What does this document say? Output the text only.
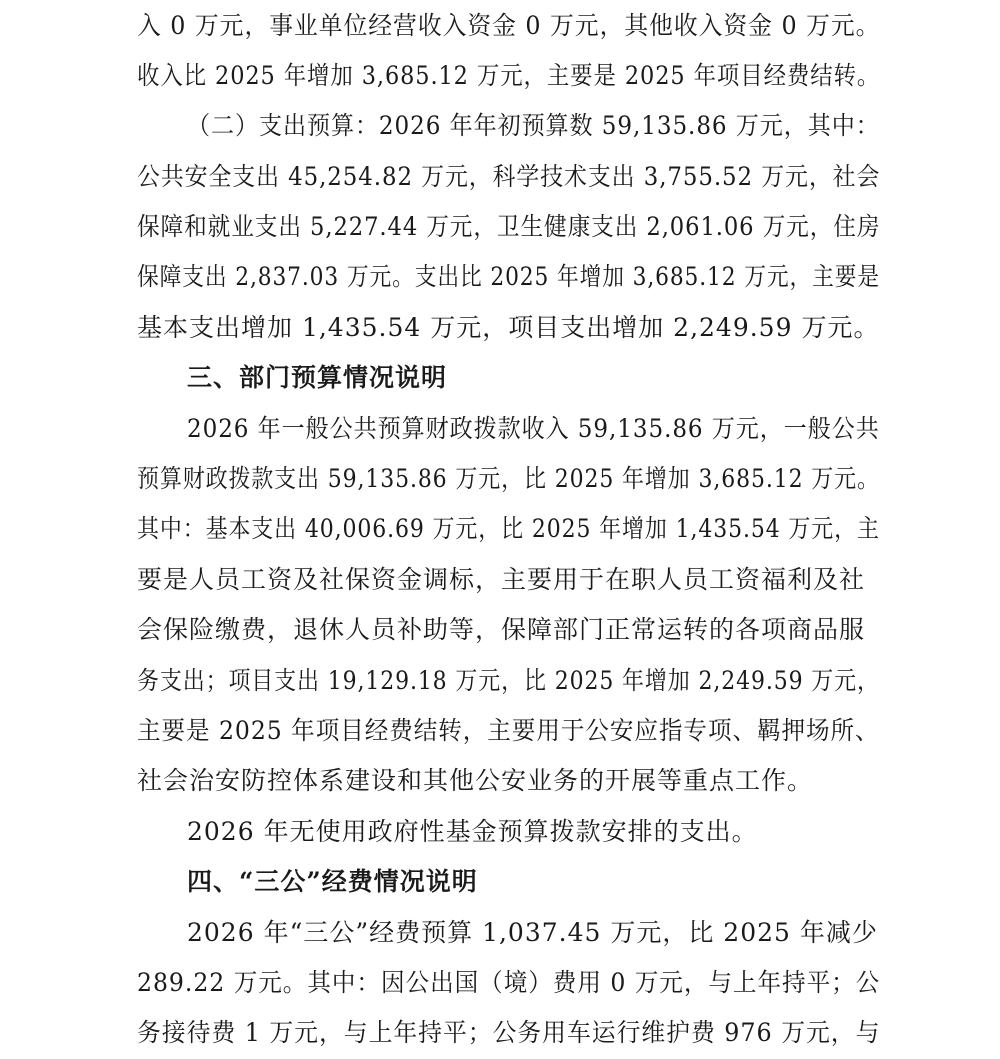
入 0 万元，事业单位经营收入资金 0 万元，其他收入资金 0 万元。
收入比 2025 年增加 3,685.12 万元，主要是 2025 年项目经费结转。
（二）支出预算：2026 年年初预算数 59,135.86 万元，其中：
公共安全支出 45,254.82 万元，科学技术支出 3,755.52 万元，社会
保障和就业支出 5,227.44 万元，卫生健康支出 2,061.06 万元，住房
保障支出 2,837.03 万元。支出比 2025 年增加 3,685.12 万元，主要是
基本支出增加 1,435.54 万元，项目支出增加 2,249.59 万元。
三、部门预算情况说明
2026 年一般公共预算财政拨款收入 59,135.86 万元，一般公共
预算财政拨款支出 59,135.86 万元，比 2025 年增加 3,685.12 万元。
其中：基本支出 40,006.69 万元，比 2025 年增加 1,435.54 万元，主
要是人员工资及社保资金调标，主要用于在职人员工资福利及社
会保险缴费，退休人员补助等，保障部门正常运转的各项商品服
务支出；项目支出 19,129.18 万元，比 2025 年增加 2,249.59 万元，
主要是 2025 年项目经费结转，主要用于公安应指专项、羁押场所、
社会治安防控体系建设和其他公安业务的开展等重点工作。
2026 年无使用政府性基金预算拨款安排的支出。
四、“三公”经费情况说明
2026 年“三公”经费预算 1,037.45 万元，比 2025 年减少
289.22 万元。其中：因公出国（境）费用 0 万元，与上年持平；公
务接待费 1 万元，与上年持平；公务用车运行维护费 976 万元，与
